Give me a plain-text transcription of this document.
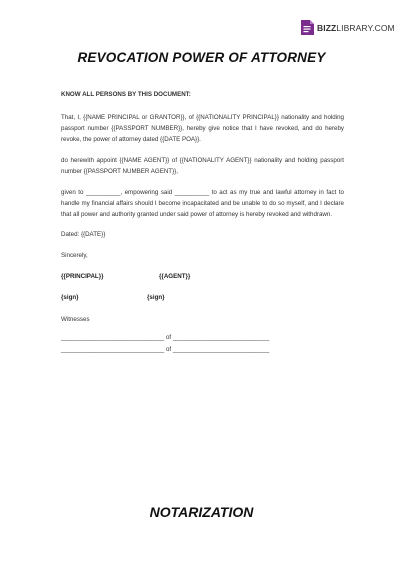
BIZZLIBRARY.COM
REVOCATION POWER OF ATTORNEY

KNOW ALL PERSONS BY THIS DOCUMENT:

That, I, {{NAME PRINCIPAL or GRANTOR}}, of {{NATIONALITY PRINCIPAL}} nationality and holding passport number {{PASSPORT NUMBER}}, hereby give notice that I have revoked, and do hereby revoke, the power of attorney dated {{DATE POA}}.

do herewith appoint {{NAME AGENT}} of {{NATIONALITY AGENT}} nationality and holding passport number {{PASSPORT NUMBER AGENT}},

given to __________, empowering said __________ to act as my true and lawful attorney in fact to handle my financial affairs should I become incapacitated and be unable to do so myself, and I declare that all power and authority granted under said power of attorney is hereby revoked and withdrawn.

Dated: {{DATE}}

Sincerely,

{{PRINCIPAL}}	{{AGENT}}
{sign}	{sign}

Witnesses

______________________________ of ____________________________
______________________________ of ____________________________
NOTARIZATION
